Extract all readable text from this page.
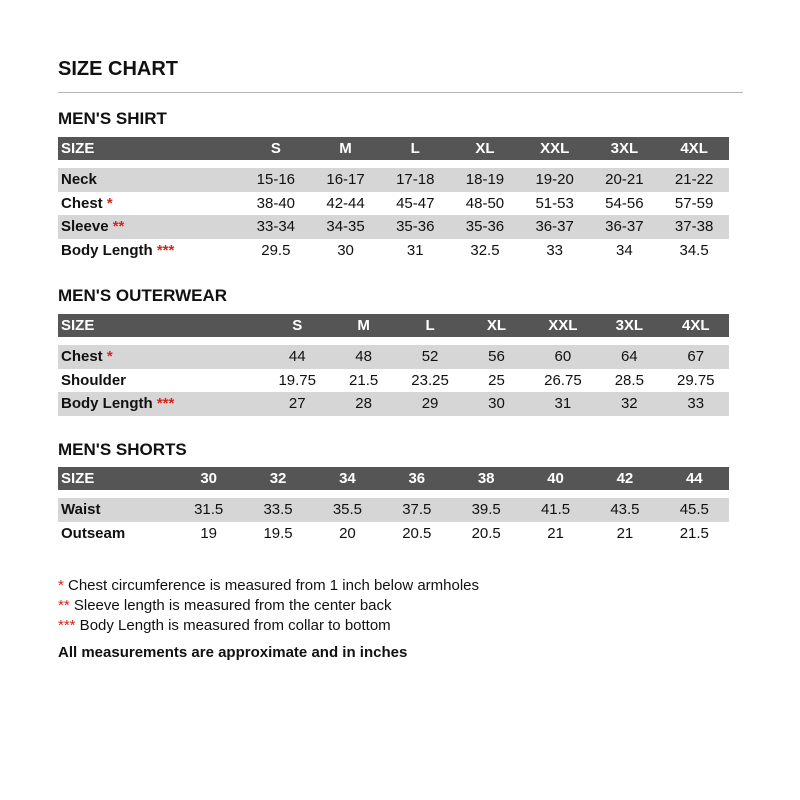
SIZE CHART
MEN'S SHIRT
SIZE	S	M	L	XL	XXL	3XL	4XL

Neck	15-16	16-17	17-18	18-19	19-20	20-21	21-22
Chest *	38-40	42-44	45-47	48-50	51-53	54-56	57-59
Sleeve **	33-34	34-35	35-36	35-36	36-37	36-37	37-38
Body Length ***	29.5	30	31	32.5	33	34	34.5
MEN'S OUTERWEAR
SIZE	S	M	L	XL	XXL	3XL	4XL

Chest *	44	48	52	56	60	64	67
Shoulder	19.75	21.5	23.25	25	26.75	28.5	29.75
Body Length ***	27	28	29	30	31	32	33
MEN'S SHORTS
SIZE	30	32	34	36	38	40	42	44

Waist	31.5	33.5	35.5	37.5	39.5	41.5	43.5	45.5
Outseam	19	19.5	20	20.5	20.5	21	21	21.5

* Chest circumference is measured from 1 inch below armholes

** Sleeve length is measured from the center back

*** Body Length is measured from collar to bottom

All measurements are approximate and in inches
